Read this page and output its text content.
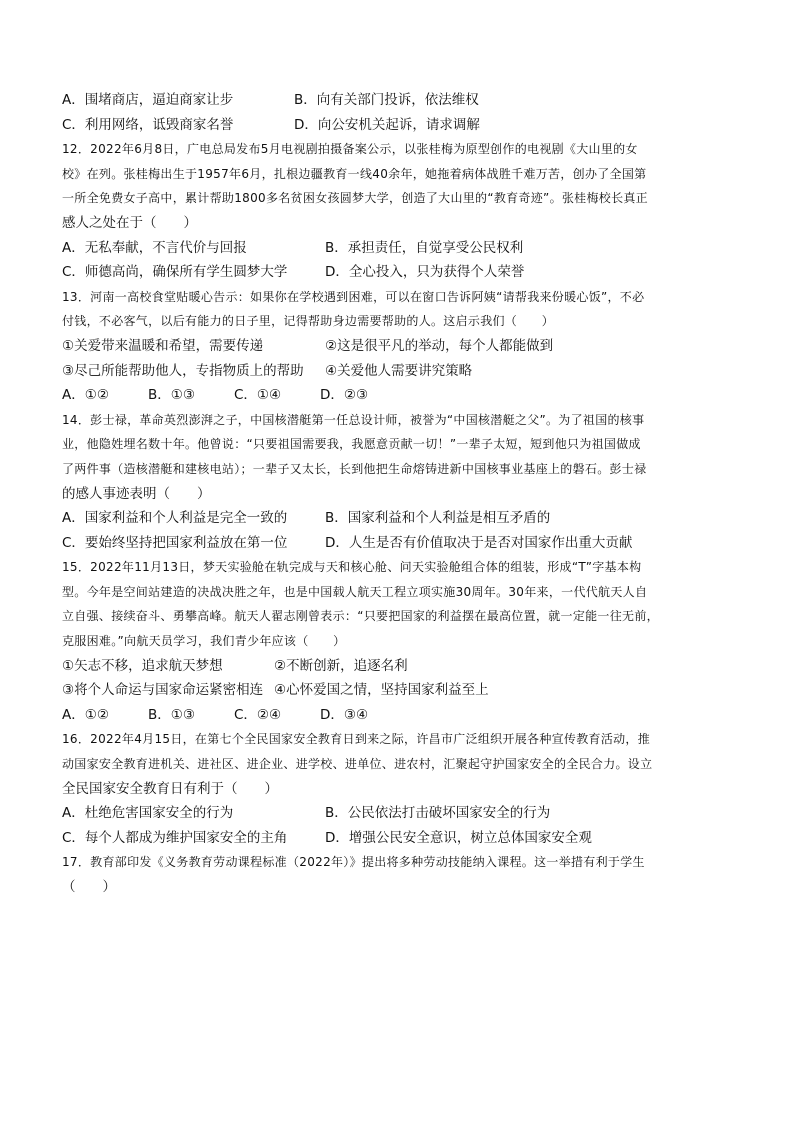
A．围堵商店，逼迫商家让步	B．向有关部门投诉，依法维权
C．利用网络，诋毁商家名誉	D．向公安机关起诉，请求调解
12．2022年6月8日，广电总局发布5月电视剧拍摄备案公示，以张桂梅为原型创作的电视剧《大山里的女
校》在列。张桂梅出生于1957年6月，扎根边疆教育一线40余年，她拖着病体战胜千难万苦，创办了全国第
一所全免费女子高中，累计帮助1800多名贫困女孩圆梦大学，创造了大山里的“教育奇迹”。张桂梅校长真正
感人之处在于（　　）
A．无私奉献，不言代价与回报	B．承担责任，自觉享受公民权利
C．师德高尚，确保所有学生圆梦大学	D．全心投入，只为获得个人荣誉
13．河南一高校食堂贴暖心告示：如果你在学校遇到困难，可以在窗口告诉阿姨“请帮我来份暖心饭”，不必
付钱，不必客气，以后有能力的日子里，记得帮助身边需要帮助的人。这启示我们（　　）
①关爱带来温暖和希望，需要传递	②这是很平凡的举动，每个人都能做到
③尽己所能帮助他人，专指物质上的帮助	④关爱他人需要讲究策略
A．①②	B．①③	C．①④	D．②③
14．彭士禄，革命英烈澎湃之子，中国核潜艇第一任总设计师，被誉为“中国核潜艇之父”。为了祖国的核事
业，他隐姓埋名数十年。他曾说：“只要祖国需要我，我愿意贡献一切！”一辈子太短，短到他只为祖国做成
了两件事（造核潜艇和建核电站）；一辈子又太长，长到他把生命熔铸进新中国核事业基座上的磐石。彭士禄
的感人事迹表明（　　）
A．国家利益和个人利益是完全一致的	B．国家利益和个人利益是相互矛盾的
C．要始终坚持把国家利益放在第一位	D．人生是否有价值取决于是否对国家作出重大贡献
15．2022年11月13日，梦天实验舱在轨完成与天和核心舱、问天实验舱组合体的组装，形成“T”字基本构
型。今年是空间站建造的决战决胜之年，也是中国载人航天工程立项实施30周年。30年来，一代代航天人自
立自强、接续奋斗、勇攀高峰。航天人翟志刚曾表示：“只要把国家的利益摆在最高位置，就一定能一往无前，
克服困难。”向航天员学习，我们青少年应该（　　）
①矢志不移，追求航天梦想	②不断创新，追逐名利
③将个人命运与国家命运紧密相连 ④心怀爱国之情，坚持国家利益至上
A．①②	B．①③	C．②④	D．③④
16．2022年4月15日，在第七个全民国家安全教育日到来之际，许昌市广泛组织开展各种宣传教育活动，推
动国家安全教育进机关、进社区、进企业、进学校、进单位、进农村，汇聚起守护国家安全的全民合力。设立
全民国家安全教育日有利于（　　）
A．杜绝危害国家安全的行为	B．公民依法打击破坏国家安全的行为
C．每个人都成为维护国家安全的主角	D．增强公民安全意识，树立总体国家安全观
17．教育部印发《义务教育劳动课程标准（2022年）》提出将多种劳动技能纳入课程。这一举措有利于学生
（　　）
